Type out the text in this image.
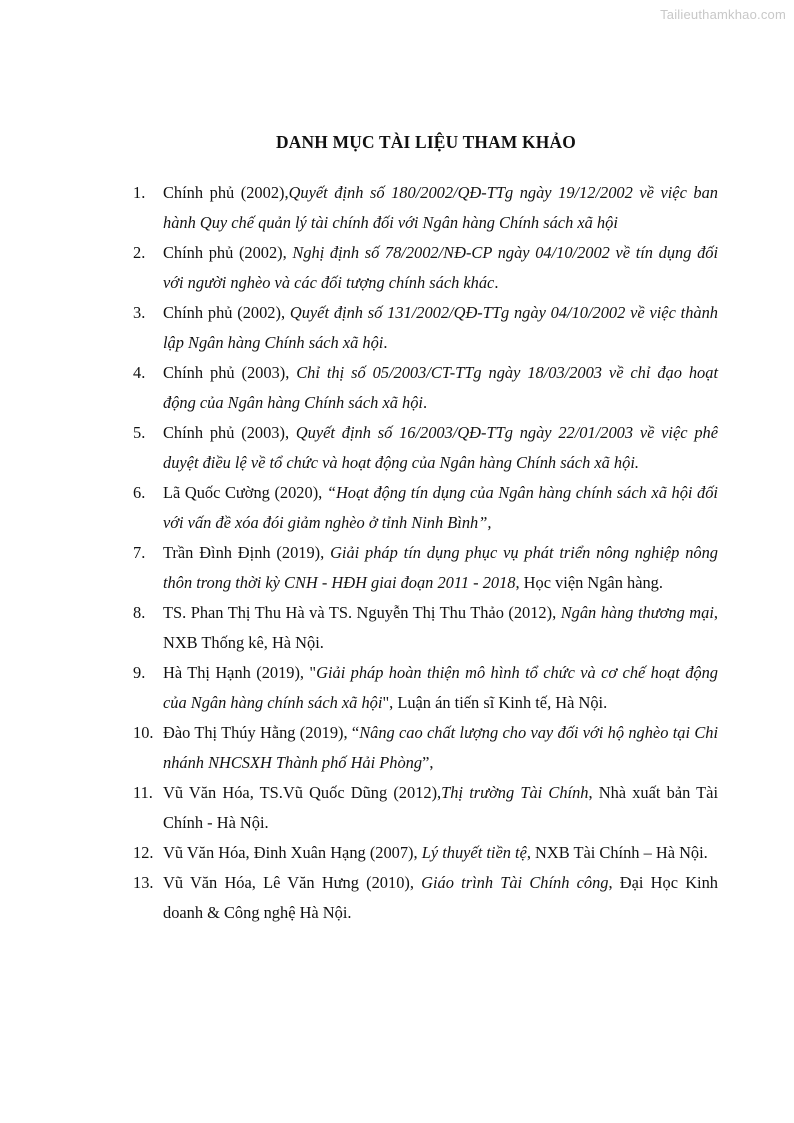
Tailieuthamkhao.com
DANH MỤC TÀI LIỆU THAM KHẢO
1. Chính phủ (2002),Quyết định số 180/2002/QĐ-TTg ngày 19/12/2002 về việc ban hành Quy chế quản lý tài chính đối với Ngân hàng Chính sách xã hội
2. Chính phủ (2002), Nghị định số 78/2002/NĐ-CP ngày 04/10/2002 về tín dụng đối với người nghèo và các đối tượng chính sách khác.
3. Chính phủ (2002), Quyết định số 131/2002/QĐ-TTg ngày 04/10/2002 về việc thành lập Ngân hàng Chính sách xã hội.
4. Chính phủ (2003), Chỉ thị số 05/2003/CT-TTg ngày 18/03/2003 về chỉ đạo hoạt động của Ngân hàng Chính sách xã hội.
5. Chính phủ (2003), Quyết định số 16/2003/QĐ-TTg ngày 22/01/2003 về việc phê duyệt điều lệ về tổ chức và hoạt động của Ngân hàng Chính sách xã hội.
6. Lã Quốc Cường (2020), “Hoạt động tín dụng của Ngân hàng chính sách xã hội đối với vấn đề xóa đói giảm nghèo ở tỉnh Ninh Bình”,
7. Trần Đình Định (2019), Giải pháp tín dụng phục vụ phát triển nông nghiệp nông thôn trong thời kỳ CNH - HĐH giai đoạn 2011 - 2018, Học viện Ngân hàng.
8. TS. Phan Thị Thu Hà và TS. Nguyễn Thị Thu Thảo (2012), Ngân hàng thương mại, NXB Thống kê, Hà Nội.
9. Hà Thị Hạnh (2019), "Giải pháp hoàn thiện mô hình tổ chức và cơ chế hoạt động của Ngân hàng chính sách xã hội", Luận án tiến sĩ Kinh tế, Hà Nội.
10. Đào Thị Thúy Hằng (2019), “Nâng cao chất lượng cho vay đối với hộ nghèo tại Chi nhánh NHCSXH Thành phố Hải Phòng”,
11. Vũ Văn Hóa, TS.Vũ Quốc Dũng (2012),Thị trường Tài Chính, Nhà xuất bản Tài Chính - Hà Nội.
12. Vũ Văn Hóa, Đinh Xuân Hạng (2007), Lý thuyết tiền tệ, NXB Tài Chính – Hà Nội.
13. Vũ Văn Hóa, Lê Văn Hưng (2010), Giáo trình Tài Chính công, Đại Học Kinh doanh & Công nghệ Hà Nội.
